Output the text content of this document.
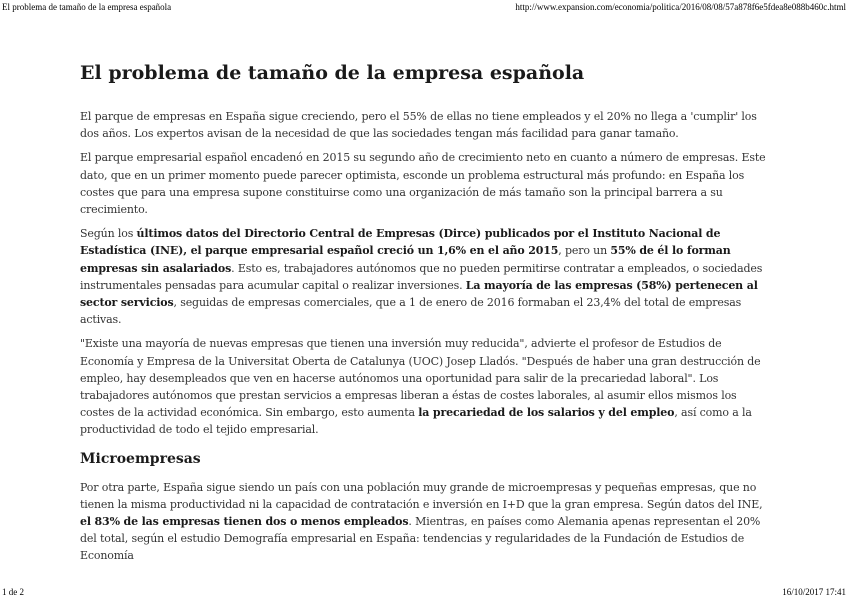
El problema de tamaño de la empresa española	http://www.expansion.com/economia/politica/2016/08/08/57a878f6e5fdea8e088b460c.html
El problema de tamaño de la empresa española

El parque de empresas en España sigue creciendo, pero el 55% de ellas no tiene empleados y el 20% no llega a 'cumplir' los dos años. Los expertos avisan de la necesidad de que las sociedades tengan más facilidad para ganar tamaño.

El parque empresarial español encadenó en 2015 su segundo año de crecimiento neto en cuanto a número de empresas. Este dato, que en un primer momento puede parecer optimista, esconde un problema estructural más profundo: en España los costes que para una empresa supone constituirse como una organización de más tamaño son la principal barrera a su crecimiento.

Según los últimos datos del Directorio Central de Empresas (Dirce) publicados por el Instituto Nacional de Estadística (INE), el parque empresarial español creció un 1,6% en el año 2015, pero un 55% de él lo forman empresas sin asalariados. Esto es, trabajadores autónomos que no pueden permitirse contratar a empleados, o sociedades instrumentales pensadas para acumular capital o realizar inversiones. La mayoría de las empresas (58%) pertenecen al sector servicios, seguidas de empresas comerciales, que a 1 de enero de 2016 formaban el 23,4% del total de empresas activas.

"Existe una mayoría de nuevas empresas que tienen una inversión muy reducida", advierte el profesor de Estudios de Economía y Empresa de la Universitat Oberta de Catalunya (UOC) Josep Lladós. "Después de haber una gran destrucción de empleo, hay desempleados que ven en hacerse autónomos una oportunidad para salir de la precariedad laboral". Los trabajadores autónomos que prestan servicios a empresas liberan a éstas de costes laborales, al asumir ellos mismos los costes de la actividad económica. Sin embargo, esto aumenta la precariedad de los salarios y del empleo, así como a la productividad de todo el tejido empresarial.

Microempresas

Por otra parte, España sigue siendo un país con una población muy grande de microempresas y pequeñas empresas, que no tienen la misma productividad ni la capacidad de contratación e inversión en I+D que la gran empresa. Según datos del INE, el 83% de las empresas tienen dos o menos empleados. Mientras, en países como Alemania apenas representan el 20% del total, según el estudio Demografía empresarial en España: tendencias y regularidades de la Fundación de Estudios de Economía

1 de 2	16/10/2017 17:41
